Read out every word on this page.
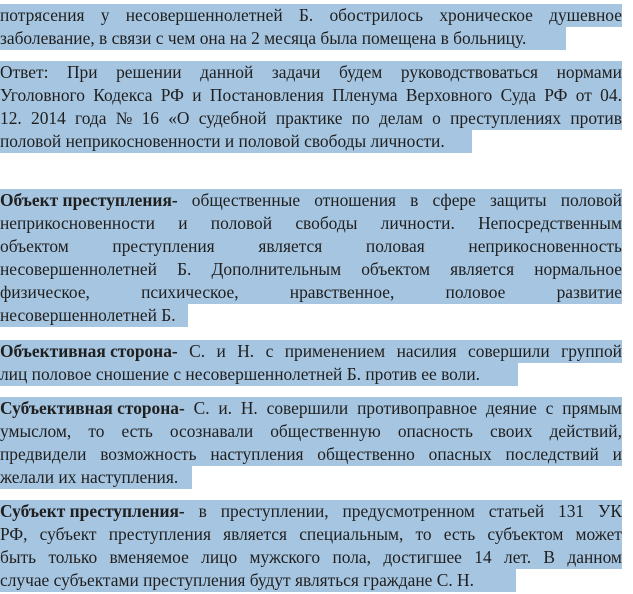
потрясения у несовершеннолетней Б. обострилось хроническое душевное
заболевание, в связи с чем она на 2 месяца была помещена в больницу.
Ответ: При решении данной задачи будем руководствоваться нормами
Уголовного Кодекса РФ и Постановления Пленума Верховного Суда РФ от 04.
12. 2014 года № 16 «О судебной практике по делам о преступлениях против
половой неприкосновенности и половой свободы личности.
Объект преступления - общественные отношения в сфере защиты половой
неприкосновенности и половой свободы личности. Непосредственным
объектом	преступления	является	половая	неприкосновенность
несовершеннолетней Б. Дополнительным объектом является нормальное
физическое,	психическое,	нравственное,	половое	развитие
несовершеннолетней Б.
Объективная сторона - С. и Н. с применением насилия совершили группой
лиц половое сношение с несовершеннолетней Б. против ее воли.
Субъективная сторона - С. и. Н. совершили противоправное деяние с прямым
умыслом, то есть осознавали общественную опасность своих действий,
предвидели возможность наступления общественно опасных последствий и
желали их наступления.
Субъект преступления - в преступлении, предусмотренном статьей 131 УК
РФ, субъект преступления является специальным, то есть субъектом может
быть только вменяемое лицо мужского пола, достигшее 14 лет. В данном
случае субъектами преступления будут являться граждане С. Н.
